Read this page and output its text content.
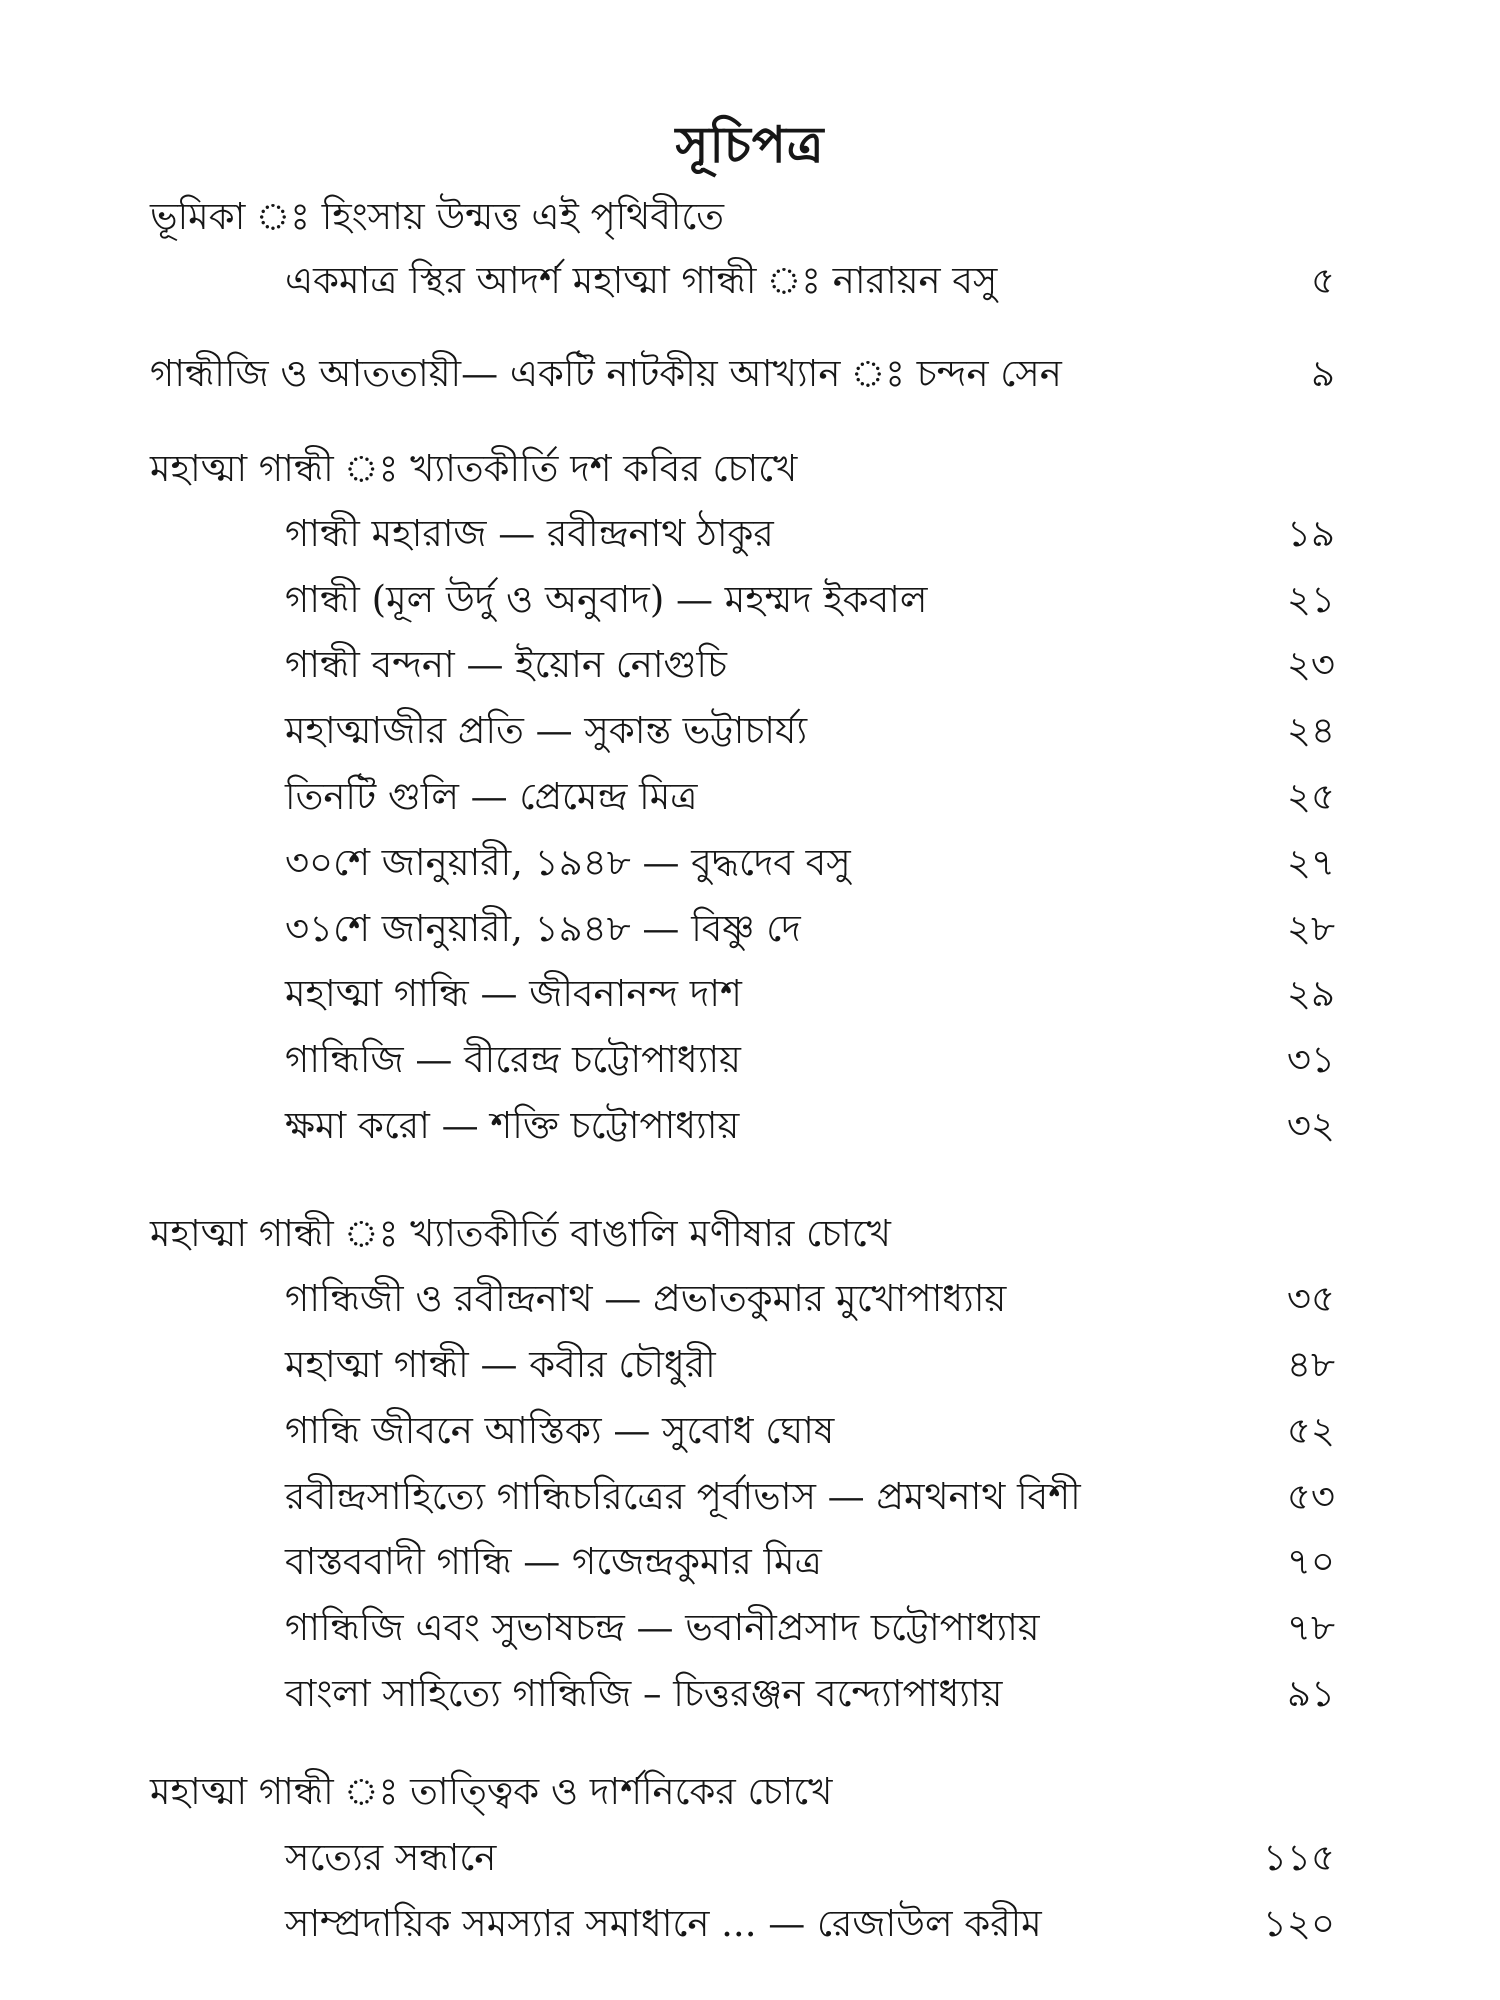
সূচিপত্র
ভূমিকা ঃ হিংসায় উন্মত্ত এই পৃথিবীতে
একমাত্র স্থির আদর্শ মহাত্মা গান্ধী ঃ নারায়ন বসু	৫
গান্ধীজি ও আততায়ী— একটি নাটকীয় আখ্যান ঃ চন্দন সেন	৯
মহাত্মা গান্ধী ঃ খ্যাতকীর্তি দশ কবির চোখে
গান্ধী মহারাজ — রবীন্দ্রনাথ ঠাকুর	১৯
গান্ধী (মূল উর্দু ও অনুবাদ) — মহম্মদ ইকবাল	২১
গান্ধী বন্দনা — ইয়োন নোগুচি	২৩
মহাত্মাজীর প্রতি — সুকান্ত ভট্টাচার্য্য	২৪
তিনটি গুলি — প্রেমেন্দ্র মিত্র	২৫
৩০শে জানুয়ারী, ১৯৪৮ — বুদ্ধদেব বসু	২৭
৩১শে জানুয়ারী, ১৯৪৮ — বিষ্ণু দে	২৮
মহাত্মা গান্ধি — জীবনানন্দ দাশ	২৯
গান্ধিজি — বীরেন্দ্র চট্টোপাধ্যায়	৩১
ক্ষমা করো — শক্তি চট্টোপাধ্যায়	৩২
মহাত্মা গান্ধী ঃ খ্যাতকীর্তি বাঙালি মণীষার চোখে
গান্ধিজী ও রবীন্দ্রনাথ — প্রভাতকুমার মুখোপাধ্যায়	৩৫
মহাত্মা গান্ধী — কবীর চৌধুরী	৪৮
গান্ধি জীবনে আস্তিক্য — সুবোধ ঘোষ	৫২
রবীন্দ্রসাহিত্যে গান্ধিচরিত্রের পূর্বাভাস — প্রমথনাথ বিশী	৫৩
বাস্তববাদী গান্ধি — গজেন্দ্রকুমার মিত্র	৭০
গান্ধিজি এবং সুভাষচন্দ্র — ভবানীপ্রসাদ চট্টোপাধ্যায়	৭৮
বাংলা সাহিত্যে গান্ধিজি – চিত্তরঞ্জন বন্দ্যোপাধ্যায়	৯১
মহাত্মা গান্ধী ঃ তাত্ত্বিক ও দার্শনিকের চোখে
সত্যের সন্ধানে	১১৫
সাম্প্রদায়িক সমস্যার সমাধানে ... — রেজাউল করীম	১২০
